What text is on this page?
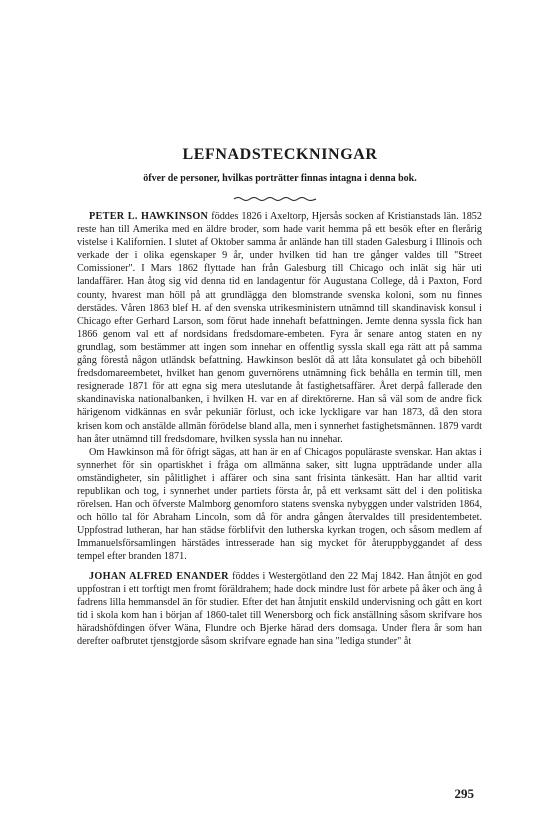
LEFNADSTECKNINGAR
öfver de personer, hvilkas porträtter finnas intagna i denna bok.

PETER L. HAWKINSON föddes 1826 i Axeltorp, Hjersås socken af Kristianstads län. 1852 reste han till Amerika med en äldre broder, som hade varit hemma på ett besök efter en flerårig vistelse i Kalifornien. I slutet af Oktober samma år anlände han till staden Galesburg i Illinois och verkade der i olika egenskaper 9 år, under hvilken tid han tre gånger valdes till "Street Comissioner". I Mars 1862 flyttade han från Galesburg till Chicago och inlät sig här uti landaffärer. Han åtog sig vid denna tid en landagentur för Augustana College, då i Paxton, Ford county, hvarest man höll på att grundlägga den blomstrande svenska koloni, som nu finnes derstädes. Våren 1863 blef H. af den svenska utrikesministern utnämnd till skandinavisk konsul i Chicago efter Gerhard Larson, som förut hade innehaft befattningen. Jemte denna syssla fick han 1866 genom val ett af nordsidans fredsdomare-embeten. Fyra år senare antog staten en ny grundlag, som bestämmer att ingen som innehar en offentlig syssla skall ega rätt att på samma gång förestå någon utländsk befattning. Hawkinson beslöt då att låta konsulatet gå och bibehöll fredsdomareembetet, hvilket han genom guvernörens utnämning fick behålla en termin till, men resignerade 1871 för att egna sig mera uteslutande åt fastighetsaffärer. Året derpå fallerade den skandinaviska nationalbanken, i hvilken H. var en af direktörerne. Han så väl som de andre fick härigenom vidkännas en svår pekuniär förlust, och icke lyckligare var han 1873, då den stora krisen kom och anstälde allmän förödelse bland alla, men i synnerhet fastighetsmännen. 1879 vardt han åter utnämnd till fredsdomare, hvilken syssla han nu innehar.

Om Hawkinson må för öfrigt sägas, att han är en af Chicagos populäraste svenskar. Han aktas i synnerhet för sin opartiskhet i fråga om allmänna saker, sitt lugna uppträdande under alla omständigheter, sin pålitlighet i affärer och sina sant frisinta tänkesätt. Han har alltid varit republikan och tog, i synnerhet under partiets första år, på ett verksamt sätt del i den politiska rörelsen. Han och öfverste Malmborg genomforo statens svenska nybyggen under valstriden 1864, och höllo tal för Abraham Lincoln, som då för andra gången återvaldes till presidentembetet. Uppfostrad lutheran, har han städse förblifvit den lutherska kyrkan trogen, och såsom medlem af Immanuelsförsamlingen härstädes intresserade han sig mycket för återuppbyggandet af dess tempel efter branden 1871.

JOHAN ALFRED ENANDER föddes i Westergötland den 22 Maj 1842. Han åtnjöt en god uppfostran i ett torftigt men fromt föräldrahem; hade dock mindre lust för arbete på åker och äng å fadrens lilla hemmansdel än för studier. Efter det han åtnjutit enskild undervisning och gått en kort tid i skola kom han i början af 1860-talet till Wenersborg och fick anställning såsom skrifvare hos häradshöfdingen öfver Wäna, Flundre och Bjerke härad ders domsaga. Under flera år som han derefter oafbrutet tjenstgjorde såsom skrifvare egnade han sina "lediga stunder" åt

295
